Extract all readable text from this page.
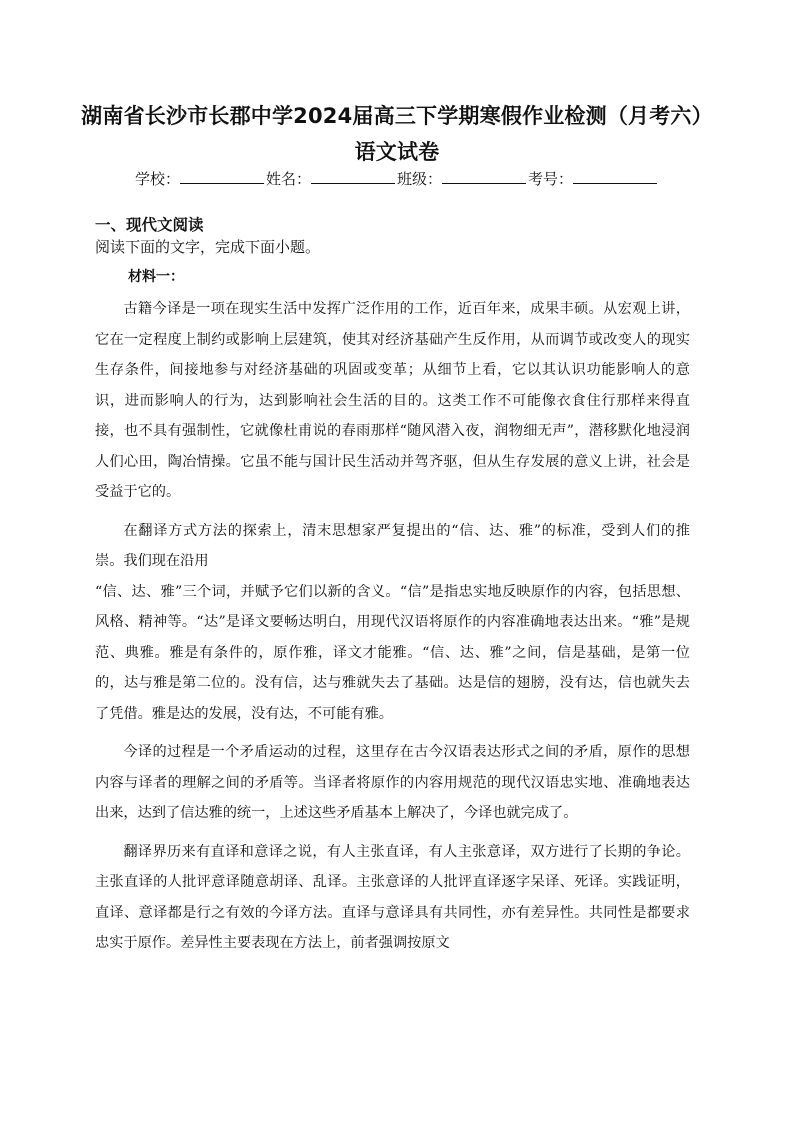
湖南省长沙市长郡中学2024届高三下学期寒假作业检测（月考六）语文试卷
学校：	姓名：	班级：	考号：
一、现代文阅读
阅读下面的文字，完成下面小题。
材料一：

古籍今译是一项在现实生活中发挥广泛作用的工作，近百年来，成果丰硕。从宏观上讲，它在一定程度上制约或影响上层建筑，使其对经济基础产生反作用，从而调节或改变人的现实生存条件，间接地参与对经济基础的巩固或变革；从细节上看，它以其认识功能影响人的意识，进而影响人的行为，达到影响社会生活的目的。这类工作不可能像衣食住行那样来得直接，也不具有强制性，它就像杜甫说的春雨那样“随风潜入夜，润物细无声”，潜移默化地浸润人们心田，陶冶情操。它虽不能与国计民生活动并驾齐驱，但从生存发展的意义上讲，社会是受益于它的。

在翻译方式方法的探索上，清末思想家严复提出的“信、达、雅”的标准，受到人们的推崇。我们现在沿用

“信、达、雅”三个词，并赋予它们以新的含义。“信”是指忠实地反映原作的内容，包括思想、风格、精神等。“达”是译文要畅达明白，用现代汉语将原作的内容准确地表达出来。“雅”是规范、典雅。雅是有条件的，原作雅，译文才能雅。“信、达、雅”之间，信是基础，是第一位的，达与雅是第二位的。没有信，达与雅就失去了基础。达是信的翅膀，没有达，信也就失去了凭借。雅是达的发展，没有达，不可能有雅。

今译的过程是一个矛盾运动的过程，这里存在古今汉语表达形式之间的矛盾，原作的思想内容与译者的理解之间的矛盾等。当译者将原作的内容用规范的现代汉语忠实地、准确地表达出来，达到了信达雅的统一，上述这些矛盾基本上解决了，今译也就完成了。

翻译界历来有直译和意译之说，有人主张直译，有人主张意译，双方进行了长期的争论。主张直译的人批评意译随意胡译、乱译。主张意译的人批评直译逐字呆译、死译。实践证明，直译、意译都是行之有效的今译方法。直译与意译具有共同性，亦有差异性。共同性是都要求忠实于原作。差异性主要表现在方法上，前者强调按原文
